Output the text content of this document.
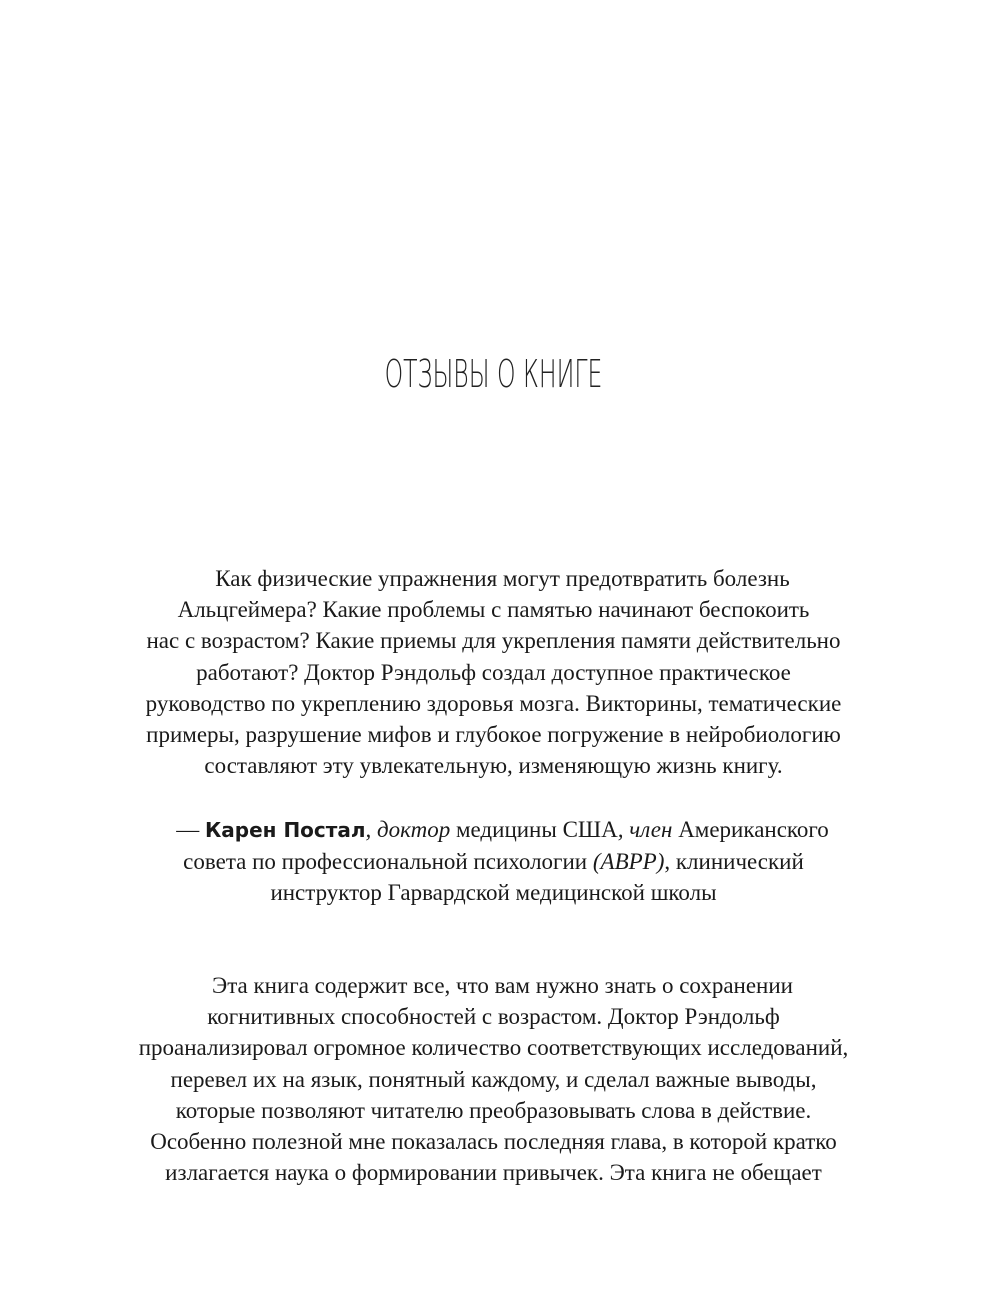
ОТЗЫВЫ О КНИГЕ
Как физические упражнения могут предотвратить болезнь
Альцгеймера? Какие проблемы с памятью начинают беспокоить
нас с возрастом? Какие приемы для укрепления памяти действительно
работают? Доктор Рэндольф создал доступное практическое
руководство по укреплению здоровья мозга. Викторины, тематические
примеры, разрушение мифов и глубокое погружение в нейробиологию
составляют эту увлекательную, изменяющую жизнь книгу.
— Карен Постал, доктор медицины США, член Американского
совета по профессиональной психологии (ABPP), клинический
инструктор Гарвардской медицинской школы
Эта книга содержит все, что вам нужно знать о сохранении
когнитивных способностей с возрастом. Доктор Рэндольф
проанализировал огромное количество соответствующих исследований,
перевел их на язык, понятный каждому, и сделал важные выводы,
которые позволяют читателю преобразовывать слова в действие.
Особенно полезной мне показалась последняя глава, в которой кратко
излагается наука о формировании привычек. Эта книга не обещает
